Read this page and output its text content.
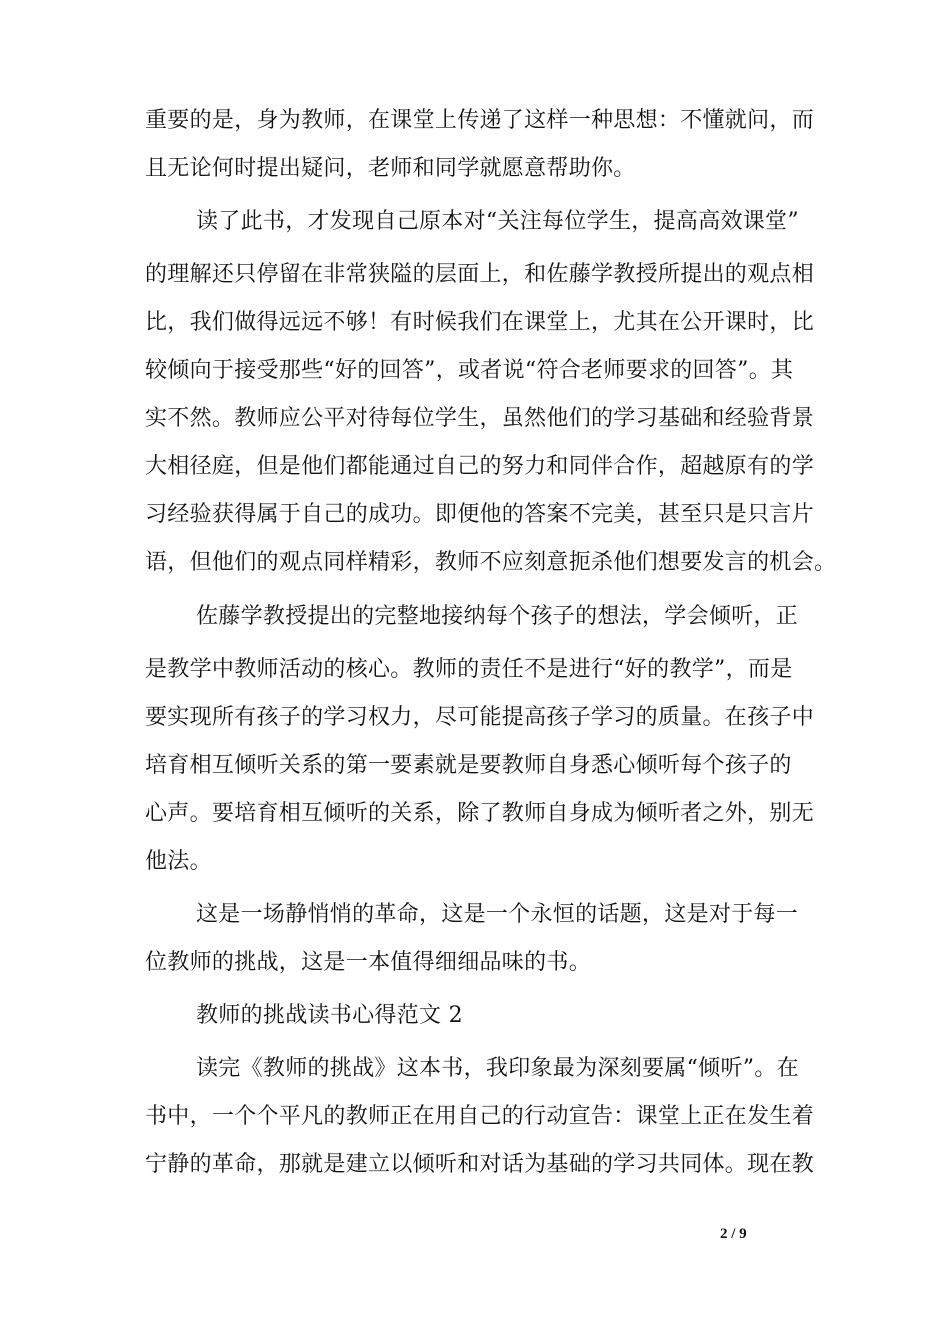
重要的是，身为教师，在课堂上传递了这样一种思想：不懂就问，而
且无论何时提出疑问，老师和同学就愿意帮助你。
读了此书，才发现自己原本对“关注每位学生，提高高效课堂”
的理解还只停留在非常狭隘的层面上，和佐藤学教授所提出的观点相
比，我们做得远远不够！有时候我们在课堂上，尤其在公开课时，比
较倾向于接受那些“好的回答”，或者说“符合老师要求的回答”。其
实不然。教师应公平对待每位学生，虽然他们的学习基础和经验背景
大相径庭，但是他们都能通过自己的努力和同伴合作，超越原有的学
习经验获得属于自己的成功。即便他的答案不完美，甚至只是只言片
语，但他们的观点同样精彩，教师不应刻意扼杀他们想要发言的机会。
佐藤学教授提出的完整地接纳每个孩子的想法，学会倾听，正
是教学中教师活动的核心。教师的责任不是进行“好的教学”，而是
要实现所有孩子的学习权力，尽可能提高孩子学习的质量。在孩子中
培育相互倾听关系的第一要素就是要教师自身悉心倾听每个孩子的
心声。要培育相互倾听的关系，除了教师自身成为倾听者之外，别无
他法。
这是一场静悄悄的革命，这是一个永恒的话题，这是对于每一
位教师的挑战，这是一本值得细细品味的书。
教师的挑战读书心得范文 2
读完《教师的挑战》这本书，我印象最为深刻要属“倾听”。在
书中，一个个平凡的教师正在用自己的行动宣告：课堂上正在发生着
宁静的革命，那就是建立以倾听和对话为基础的学习共同体。现在教
2 / 9
